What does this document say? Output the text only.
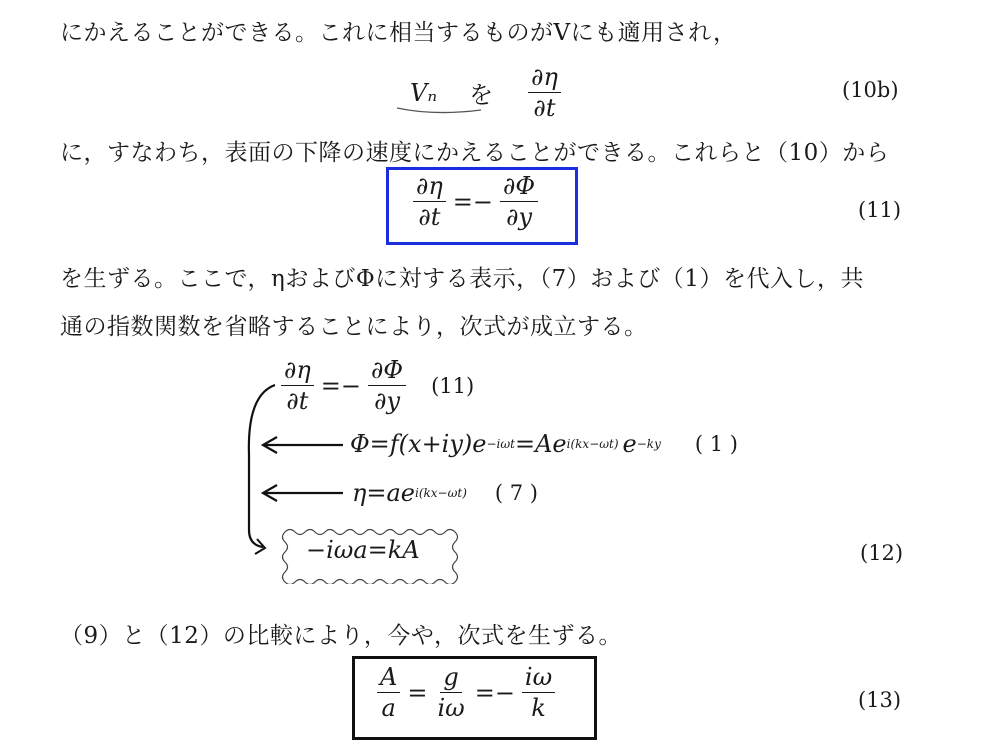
にかえることができる。これに相当するものがVにも適用され，
Vₙ を $\frac{\partial\eta}{\partial t}$	(10b)
に，すなわち，表面の下降の速度にかえることができる。これらと（10）から
$\frac{\partial\eta}{\partial t} =- \frac{\partial\Phi}{\partial y}$	(11)
を生ずる。ここで，ηおよびΦに対する表示，（7）および（1）を代入し，共
通の指数関数を省略することにより，次式が成立する。
$\frac{\partial\eta}{\partial t} =- \frac{\partial\Phi}{\partial y} (11)$
Φ=f(x+iy)e −iωt =Ae i(kx−ωt) e −ky ( 1 )
η=ae i(kx−ωt) ( 7 )
−iωa=kA	(12)
（9）と（12）の比較により，今や，次式を生ずる。
$\frac{A}{a} = \frac{g}{i\omega} =- \frac{i\omega}{k}$	(13)
